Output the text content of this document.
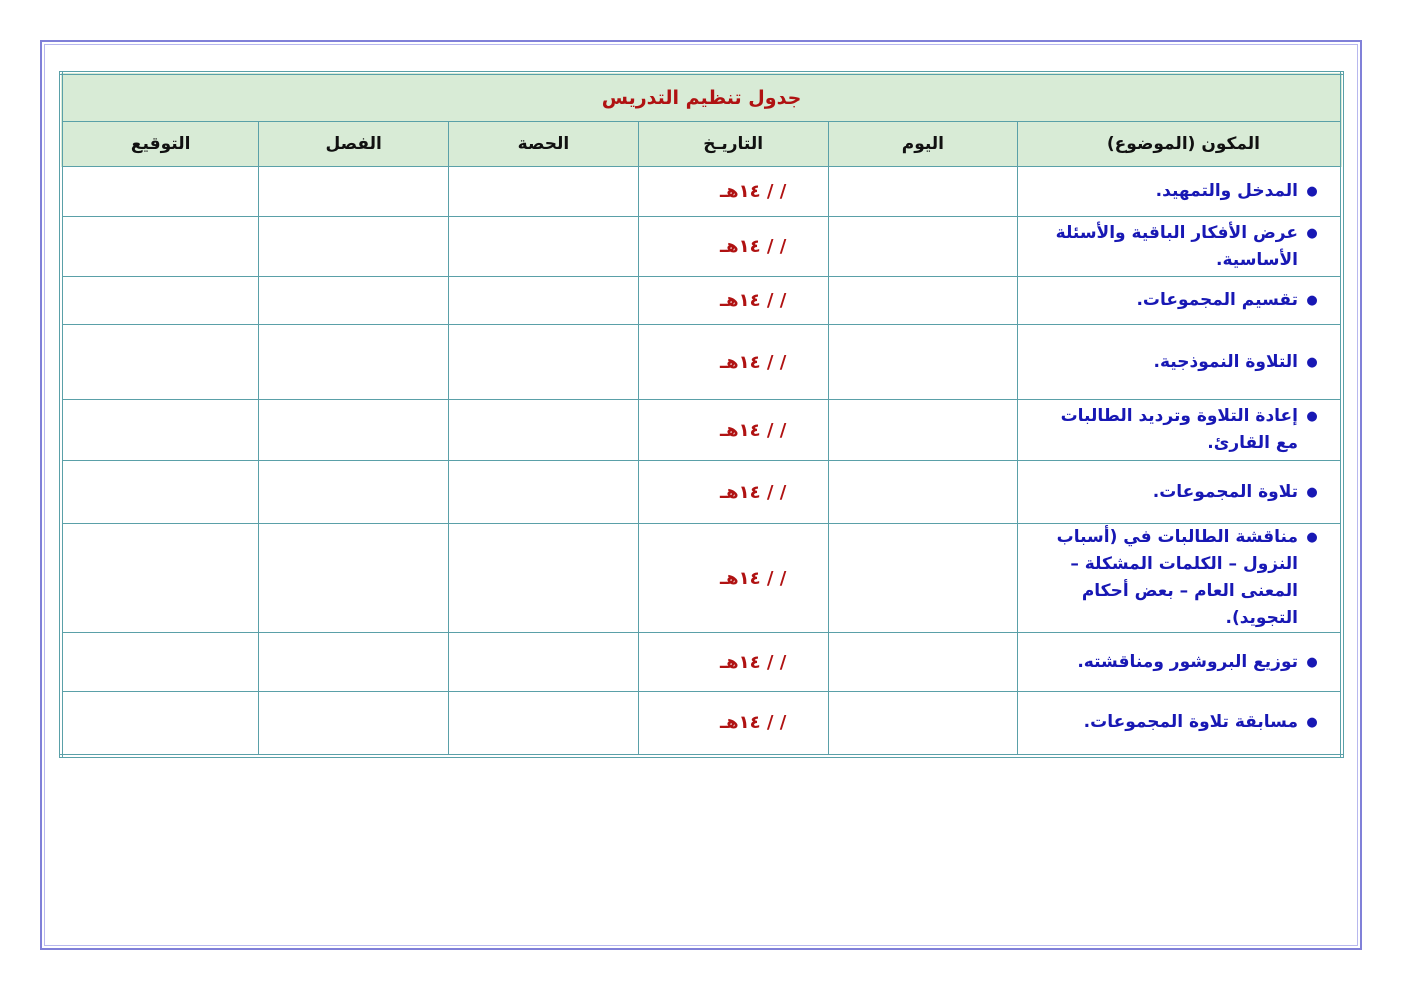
جدول تنظيم التدريس					
المكون (الموضوع)	اليوم	التاريـخ	الحصة	الفصل	التوقيع

●
المدخل والتمهيد.		/ / ١٤هـ			

●
عرض الأفكار الباقية والأسئلة الأساسية.		/ / ١٤هـ			

●
تقسيم المجموعات.		/ / ١٤هـ			

●
التلاوة النموذجية.		/ / ١٤هـ			

●
إعادة التلاوة وترديد الطالبات مع القارئ.		/ / ١٤هـ			

●
تلاوة المجموعات.		/ / ١٤هـ			

●
مناقشة الطالبات في (أسباب النزول – الكلمات المشكلة – المعنى العام – بعض أحكام التجويد).		/ / ١٤هـ			

●
توزيع البروشور ومناقشته.		/ / ١٤هـ			

●
مسابقة تلاوة المجموعات.		/ / ١٤هـ			
